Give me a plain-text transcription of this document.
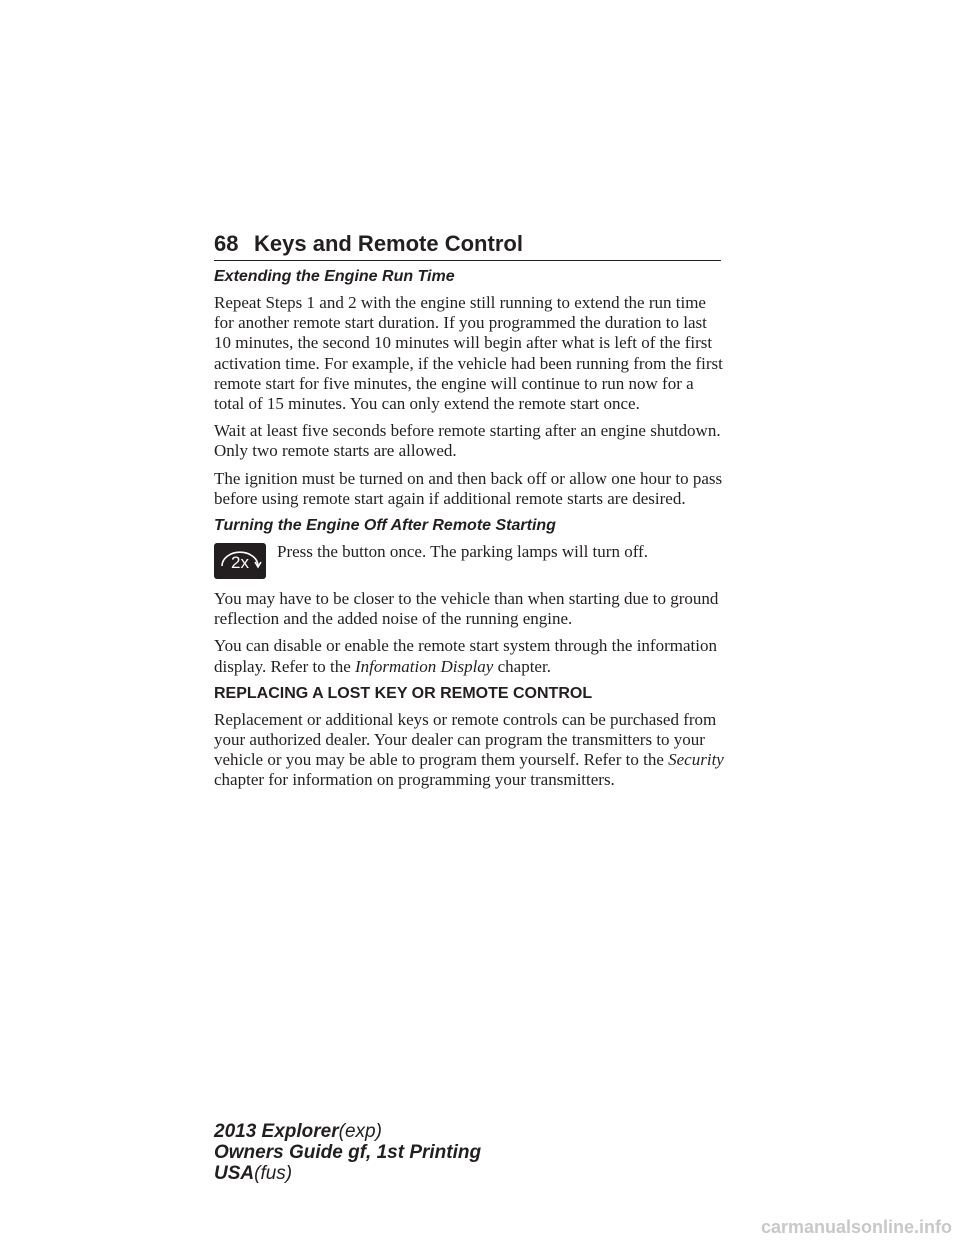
68 Keys and Remote Control
Extending the Engine Run Time

Repeat Steps 1 and 2 with the engine still running to extend the run time for another remote start duration. If you programmed the duration to last 10 minutes, the second 10 minutes will begin after what is left of the first activation time. For example, if the vehicle had been running from the first remote start for five minutes, the engine will continue to run now for a total of 15 minutes. You can only extend the remote start once.

Wait at least five seconds before remote starting after an engine shutdown. Only two remote starts are allowed.

The ignition must be turned on and then back off or allow one hour to pass before using remote start again if additional remote starts are desired.

Turning the Engine Off After Remote Starting
2x

Press the button once. The parking lamps will turn off.

You may have to be closer to the vehicle than when starting due to ground reflection and the added noise of the running engine.

You can disable or enable the remote start system through the information display. Refer to the Information Display chapter.

REPLACING A LOST KEY OR REMOTE CONTROL

Replacement or additional keys or remote controls can be purchased from your authorized dealer. Your dealer can program the transmitters to your vehicle or you may be able to program them yourself. Refer to the Security chapter for information on programming your transmitters.

2013 Explorer(exp)
Owners Guide gf, 1st Printing
USA(fus)
carmanualsonline.info
